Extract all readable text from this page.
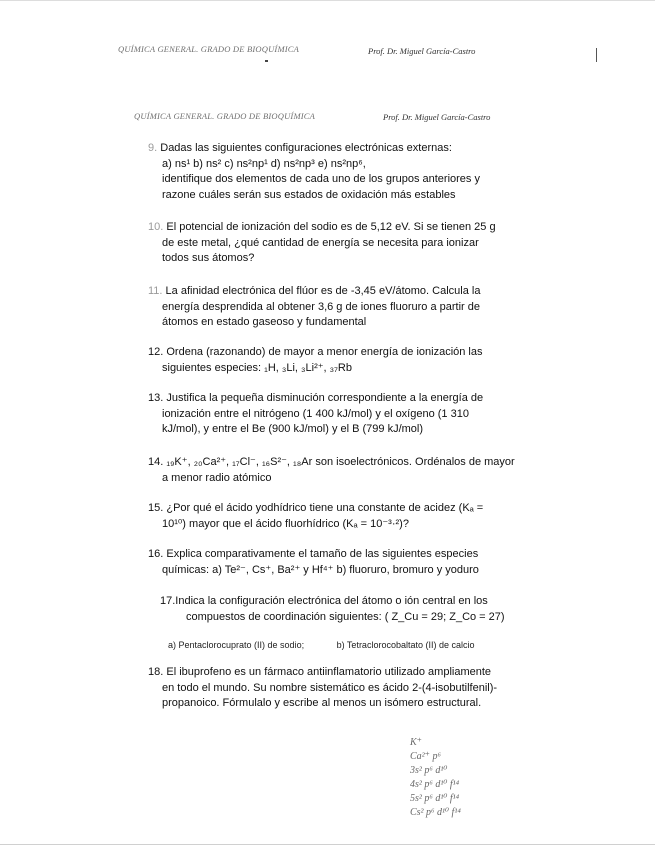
QUÍMICA GENERAL. GRADO DE BIOQUÍMICA	Prof. Dr. Miguel García-Castro
QUÍMICA GENERAL. GRADO DE BIOQUÍMICA	Prof. Dr. Miguel García-Castro
9. Dadas las siguientes configuraciones electrónicas externas:
a) ns¹ b) ns² c) ns²np¹ d) ns²np³ e) ns²np⁶,
identifique dos elementos de cada uno de los grupos anteriores y
razone cuáles serán sus estados de oxidación más estables
10. El potencial de ionización del sodio es de 5,12 eV. Si se tienen 25 g
de este metal, ¿qué cantidad de energía se necesita para ionizar
todos sus átomos?
11. La afinidad electrónica del flúor es de -3,45 eV/átomo. Calcula la
energía desprendida al obtener 3,6 g de iones fluoruro a partir de
átomos en estado gaseoso y fundamental
12. Ordena (razonando) de mayor a menor energía de ionización las
siguientes especies: ₁H, ₃Li, ₃Li²⁺, ₃₇Rb
13. Justifica la pequeña disminución correspondiente a la energía de
ionización entre el nitrógeno (1 400 kJ/mol) y el oxígeno (1 310
kJ/mol), y entre el Be (900 kJ/mol) y el B (799 kJ/mol)
14. ₁₉K⁺, ₂₀Ca²⁺, ₁₇Cl⁻, ₁₆S²⁻, ₁₈Ar son isoelectrónicos. Ordénalos de mayor
a menor radio atómico
15. ¿Por qué el ácido yodhídrico tiene una constante de acidez (Kₐ =
10¹⁰) mayor que el ácido fluorhídrico (Kₐ = 10⁻³·²)?
16. Explica comparativamente el tamaño de las siguientes especies
químicas: a) Te²⁻, Cs⁺, Ba²⁺ y Hf⁴⁺ b) fluoruro, bromuro y yoduro
17.Indica la configuración electrónica del átomo o ión central en los
compuestos de coordinación siguientes: ( Z_Cu = 29; Z_Co = 27)
a) Pentaclorocuprato (II) de sodio;	b) Tetraclorocobaltato (II) de calcio
18. El ibuprofeno es un fármaco antiinflamatorio utilizado ampliamente
en todo el mundo. Su nombre sistemático es ácido 2-(4-isobutilfenil)-
propanoico. Fórmulalo y escribe al menos un isómero estructural.
K⁺
Ca²⁺ p⁶
3s² p⁶ d¹⁰
4s² p⁶ d¹⁰ f¹⁴
5s² p⁶ d¹⁰ f¹⁴
Cs² p⁶ d¹⁰ f¹⁴
